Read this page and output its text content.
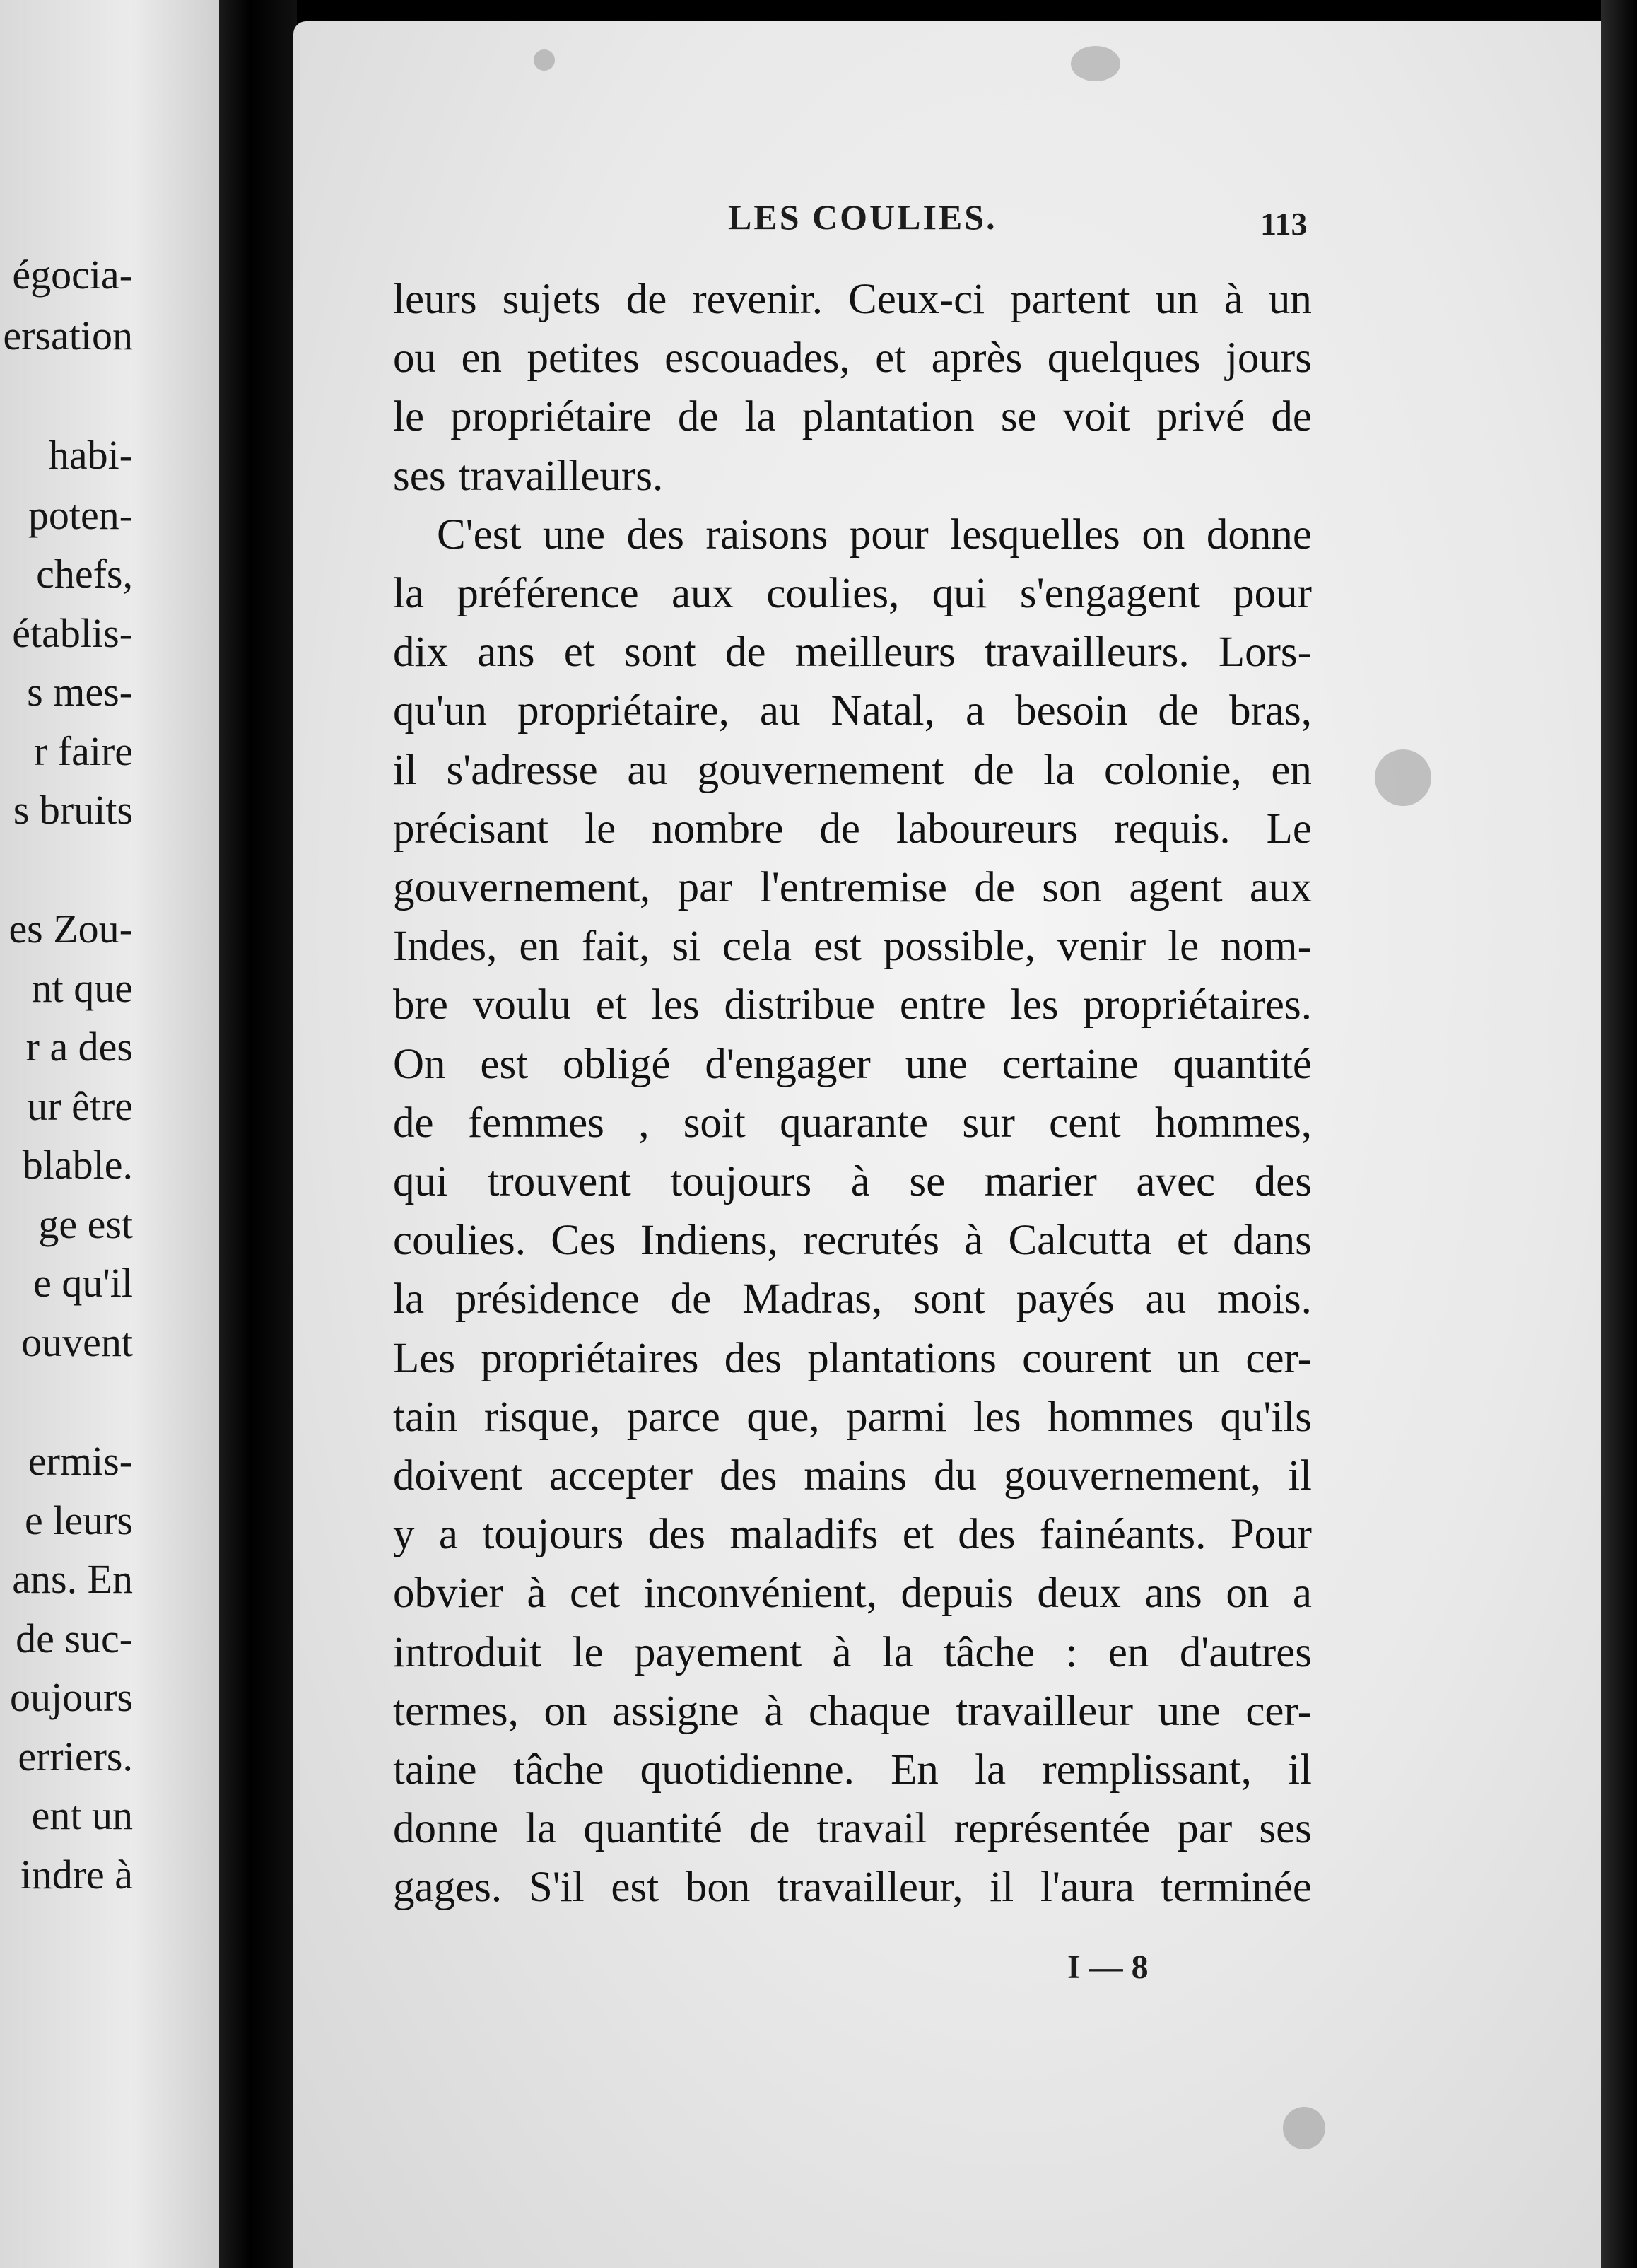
égocia-
ersation
habi-
poten-
chefs,
établis-
s mes-
r faire
s bruits
es Zou-
nt que
r a des
ur être
blable.
ge est
e qu'il
ouvent
ermis-
e leurs
ans. En
de suc-
oujours
erriers.
ent un
indre à
LES COULIES.	113
leurs sujets de revenir. Ceux-ci partent un à un
ou en petites escouades, et après quelques jours
le propriétaire de la plantation se voit privé de
ses travailleurs.
C'est une des raisons pour lesquelles on donne
la préférence aux coulies, qui s'engagent pour
dix ans et sont de meilleurs travailleurs. Lors-
qu'un propriétaire, au Natal, a besoin de bras,
il s'adresse au gouvernement de la colonie, en
précisant le nombre de laboureurs requis. Le
gouvernement, par l'entremise de son agent aux
Indes, en fait, si cela est possible, venir le nom-
bre voulu et les distribue entre les propriétaires.
On est obligé d'engager une certaine quantité
de femmes , soit quarante sur cent hommes,
qui trouvent toujours à se marier avec des
coulies. Ces Indiens, recrutés à Calcutta et dans
la présidence de Madras, sont payés au mois.
Les propriétaires des plantations courent un cer-
tain risque, parce que, parmi les hommes qu'ils
doivent accepter des mains du gouvernement, il
y a toujours des maladifs et des fainéants. Pour
obvier à cet inconvénient, depuis deux ans on a
introduit le payement à la tâche : en d'autres
termes, on assigne à chaque travailleur une cer-
taine tâche quotidienne. En la remplissant, il
donne la quantité de travail représentée par ses
gages. S'il est bon travailleur, il l'aura terminée
I — 8
